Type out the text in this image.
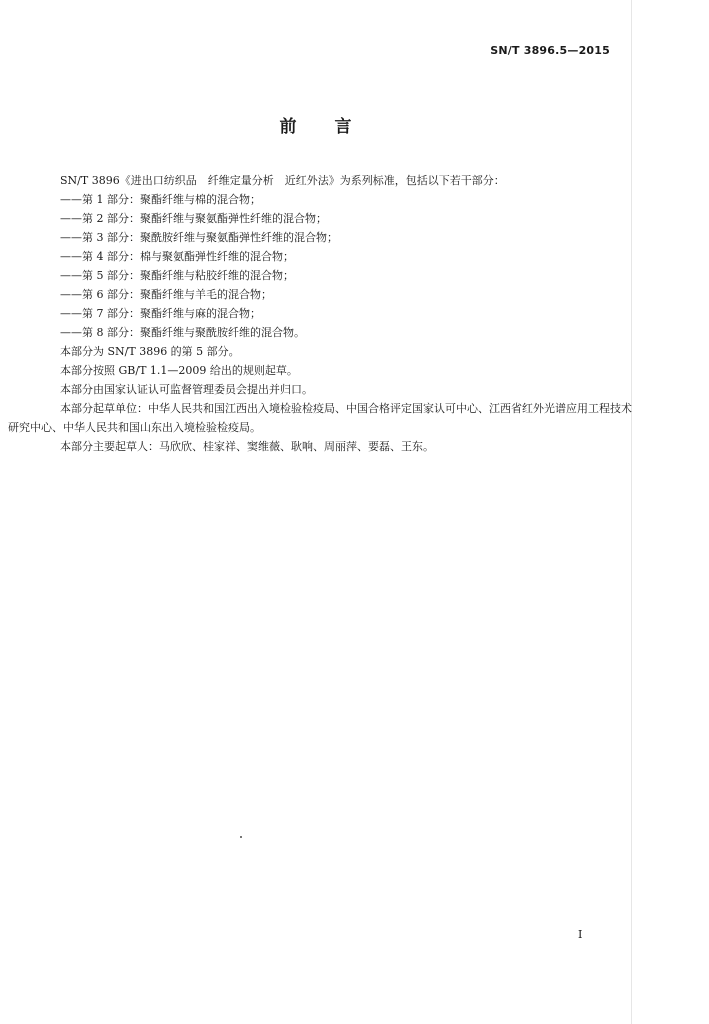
SN/T 3896.5—2015
前 言

SN/T 3896《进出口纺织品　纤维定量分析　近红外法》为系列标准，包括以下若干部分：

——第 1 部分：聚酯纤维与棉的混合物；
——第 2 部分：聚酯纤维与聚氨酯弹性纤维的混合物；
——第 3 部分：聚酰胺纤维与聚氨酯弹性纤维的混合物；
——第 4 部分：棉与聚氨酯弹性纤维的混合物；
——第 5 部分：聚酯纤维与粘胶纤维的混合物；
——第 6 部分：聚酯纤维与羊毛的混合物；
——第 7 部分：聚酯纤维与麻的混合物；
——第 8 部分：聚酯纤维与聚酰胺纤维的混合物。

本部分为 SN/T 3896 的第 5 部分。

本部分按照 GB/T 1.1—2009 给出的规则起草。

本部分由国家认证认可监督管理委员会提出并归口。

本部分起草单位：中华人民共和国江西出入境检验检疫局、中国合格评定国家认可中心、江西省红外光谱应用工程技术研究中心、中华人民共和国山东出入境检验检疫局。

本部分主要起草人：马欣欣、桂家祥、窦维薇、耿响、周丽萍、要磊、王东。

I
